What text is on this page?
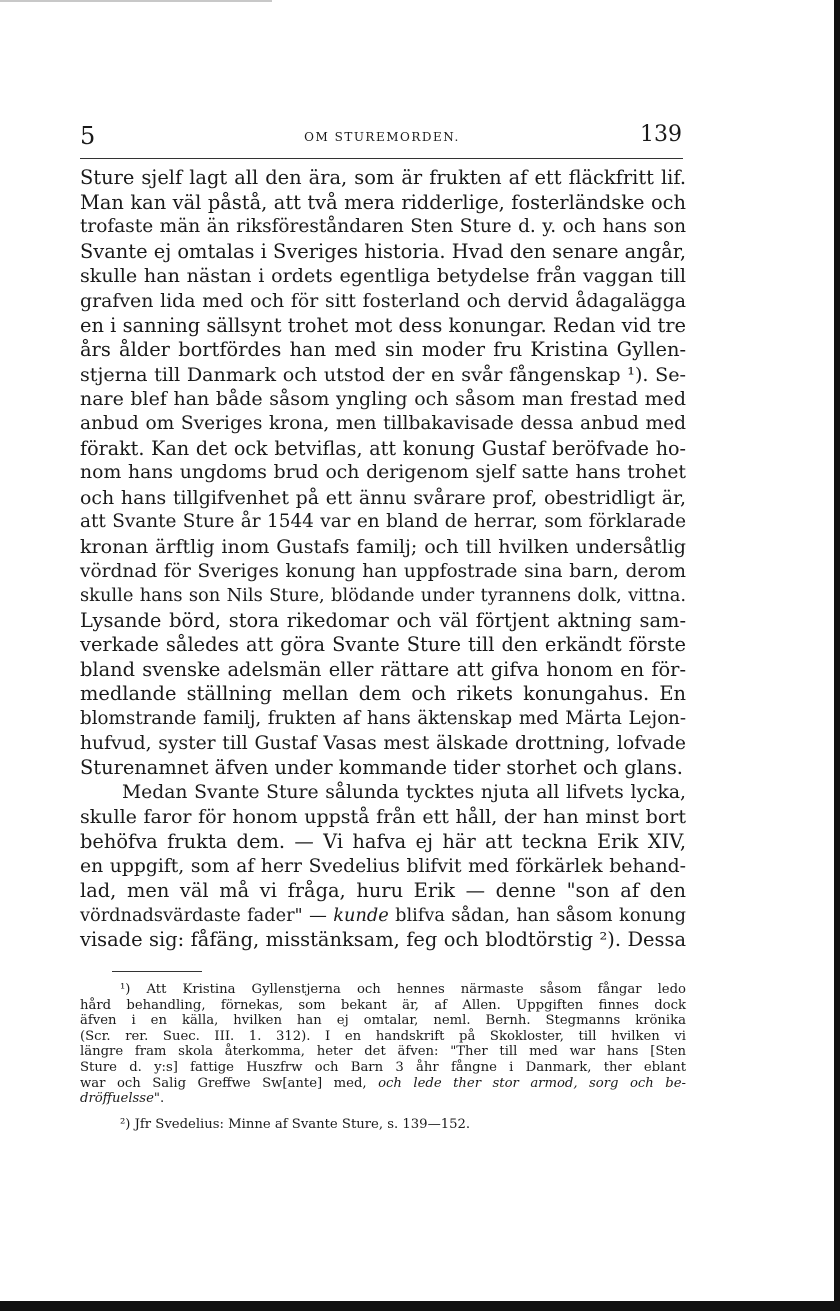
5	OM STUREMORDEN.	139
Sture sjelf lagt all den ära, som är frukten af ett fläckfritt lif.
Man kan väl påstå, att två mera ridderlige, fosterländske och
trofaste män än riksföreståndaren Sten Sture d. y. och hans son
Svante ej omtalas i Sveriges historia. Hvad den senare angår,
skulle han nästan i ordets egentliga betydelse från vaggan till
grafven lida med och för sitt fosterland och dervid ådagalägga
en i sanning sällsynt trohet mot dess konungar. Redan vid tre
års ålder bortfördes han med sin moder fru Kristina Gyllen-
stjerna till Danmark och utstod der en svår fångenskap ¹). Se-
nare blef han både såsom yngling och såsom man frestad med
anbud om Sveriges krona, men tillbakavisade dessa anbud med
förakt. Kan det ock betviflas, att konung Gustaf beröfvade ho-
nom hans ungdoms brud och derigenom sjelf satte hans trohet
och hans tillgifvenhet på ett ännu svårare prof, obestridligt är,
att Svante Sture år 1544 var en bland de herrar, som förklarade
kronan ärftlig inom Gustafs familj; och till hvilken undersåtlig
vördnad för Sveriges konung han uppfostrade sina barn, derom
skulle hans son Nils Sture, blödande under tyrannens dolk, vittna.
Lysande börd, stora rikedomar och väl förtjent aktning sam-
verkade således att göra Svante Sture till den erkändt förste
bland svenske adelsmän eller rättare att gifva honom en för-
medlande ställning mellan dem och rikets konungahus. En
blomstrande familj, frukten af hans äktenskap med Märta Lejon-
hufvud, syster till Gustaf Vasas mest älskade drottning, lofvade
Sturenamnet äfven under kommande tider storhet och glans.
Medan Svante Sture sålunda tycktes njuta all lifvets lycka,
skulle faror för honom uppstå från ett håll, der han minst bort
behöfva frukta dem. — Vi hafva ej här att teckna Erik XIV,
en uppgift, som af herr Svedelius blifvit med förkärlek behand-
lad, men väl må vi fråga, huru Erik — denne "son af den
vördnadsvärdaste fader" — kunde blifva sådan, han såsom konung
visade sig: fåfäng, misstänksam, feg och blodtörstig ²). Dessa
¹) Att Kristina Gyllenstjerna och hennes närmaste såsom fångar ledo
hård behandling, förnekas, som bekant är, af Allen. Uppgiften finnes dock
äfven i en källa, hvilken han ej omtalar, neml. Bernh. Stegmanns krönika
(Scr. rer. Suec. III. 1. 312). I en handskrift på Skokloster, till hvilken vi
längre fram skola återkomma, heter det äfven: "Ther till med war hans [Sten
Sture d. y:s] fattige Huszfrw och Barn 3 åhr fångne i Danmark, ther eblant
war och Salig Greffwe Sw[ante] med, och lede ther stor armod, sorg och be-
dröffuelsse".
²) Jfr Svedelius: Minne af Svante Sture, s. 139—152.
